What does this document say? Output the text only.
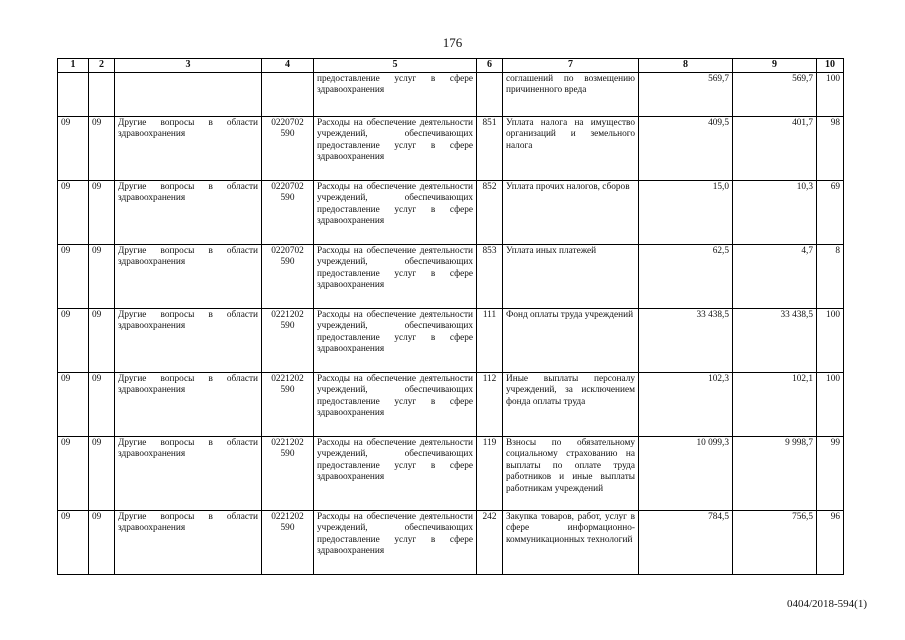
176
1	2	3	4	5	6	7	8	9	10
				предоставление услуг в сфере здравоохранения		соглашений по возмещению причиненного вреда	569,7	569,7	100
09	09	Другие вопросы в области здравоохранения	0220702 590	Расходы на обеспечение деятельности учреждений, обеспечивающих предоставление услуг в сфере здравоохранения	851	Уплата налога на имущество организаций и земельного налога	409,5	401,7	98
09	09	Другие вопросы в области здравоохранения	0220702 590	Расходы на обеспечение деятельности учреждений, обеспечивающих предоставление услуг в сфере здравоохранения	852	Уплата прочих налогов, сборов	15,0	10,3	69
09	09	Другие вопросы в области здравоохранения	0220702 590	Расходы на обеспечение деятельности учреждений, обеспечивающих предоставление услуг в сфере здравоохранения	853	Уплата иных платежей	62,5	4,7	8
09	09	Другие вопросы в области здравоохранения	0221202 590	Расходы на обеспечение деятельности учреждений, обеспечивающих предоставление услуг в сфере здравоохранения	111	Фонд оплаты труда учреждений	33 438,5	33 438,5	100
09	09	Другие вопросы в области здравоохранения	0221202 590	Расходы на обеспечение деятельности учреждений, обеспечивающих предоставление услуг в сфере здравоохранения	112	Иные выплаты персоналу учреждений, за исключением фонда оплаты труда	102,3	102,1	100
09	09	Другие вопросы в области здравоохранения	0221202 590	Расходы на обеспечение деятельности учреждений, обеспечивающих предоставление услуг в сфере здравоохранения	119	Взносы по обязательному социальному страхованию на выплаты по оплате труда работников и иные выплаты работникам учреждений	10 099,3	9 998,7	99
09	09	Другие вопросы в области здравоохранения	0221202 590	Расходы на обеспечение деятельности учреждений, обеспечивающих предоставление услуг в сфере здравоохранения	242	Закупка товаров, работ, услуг в сфере информационно-коммуникационных технологий	784,5	756,5	96
0404/2018-594(1)
